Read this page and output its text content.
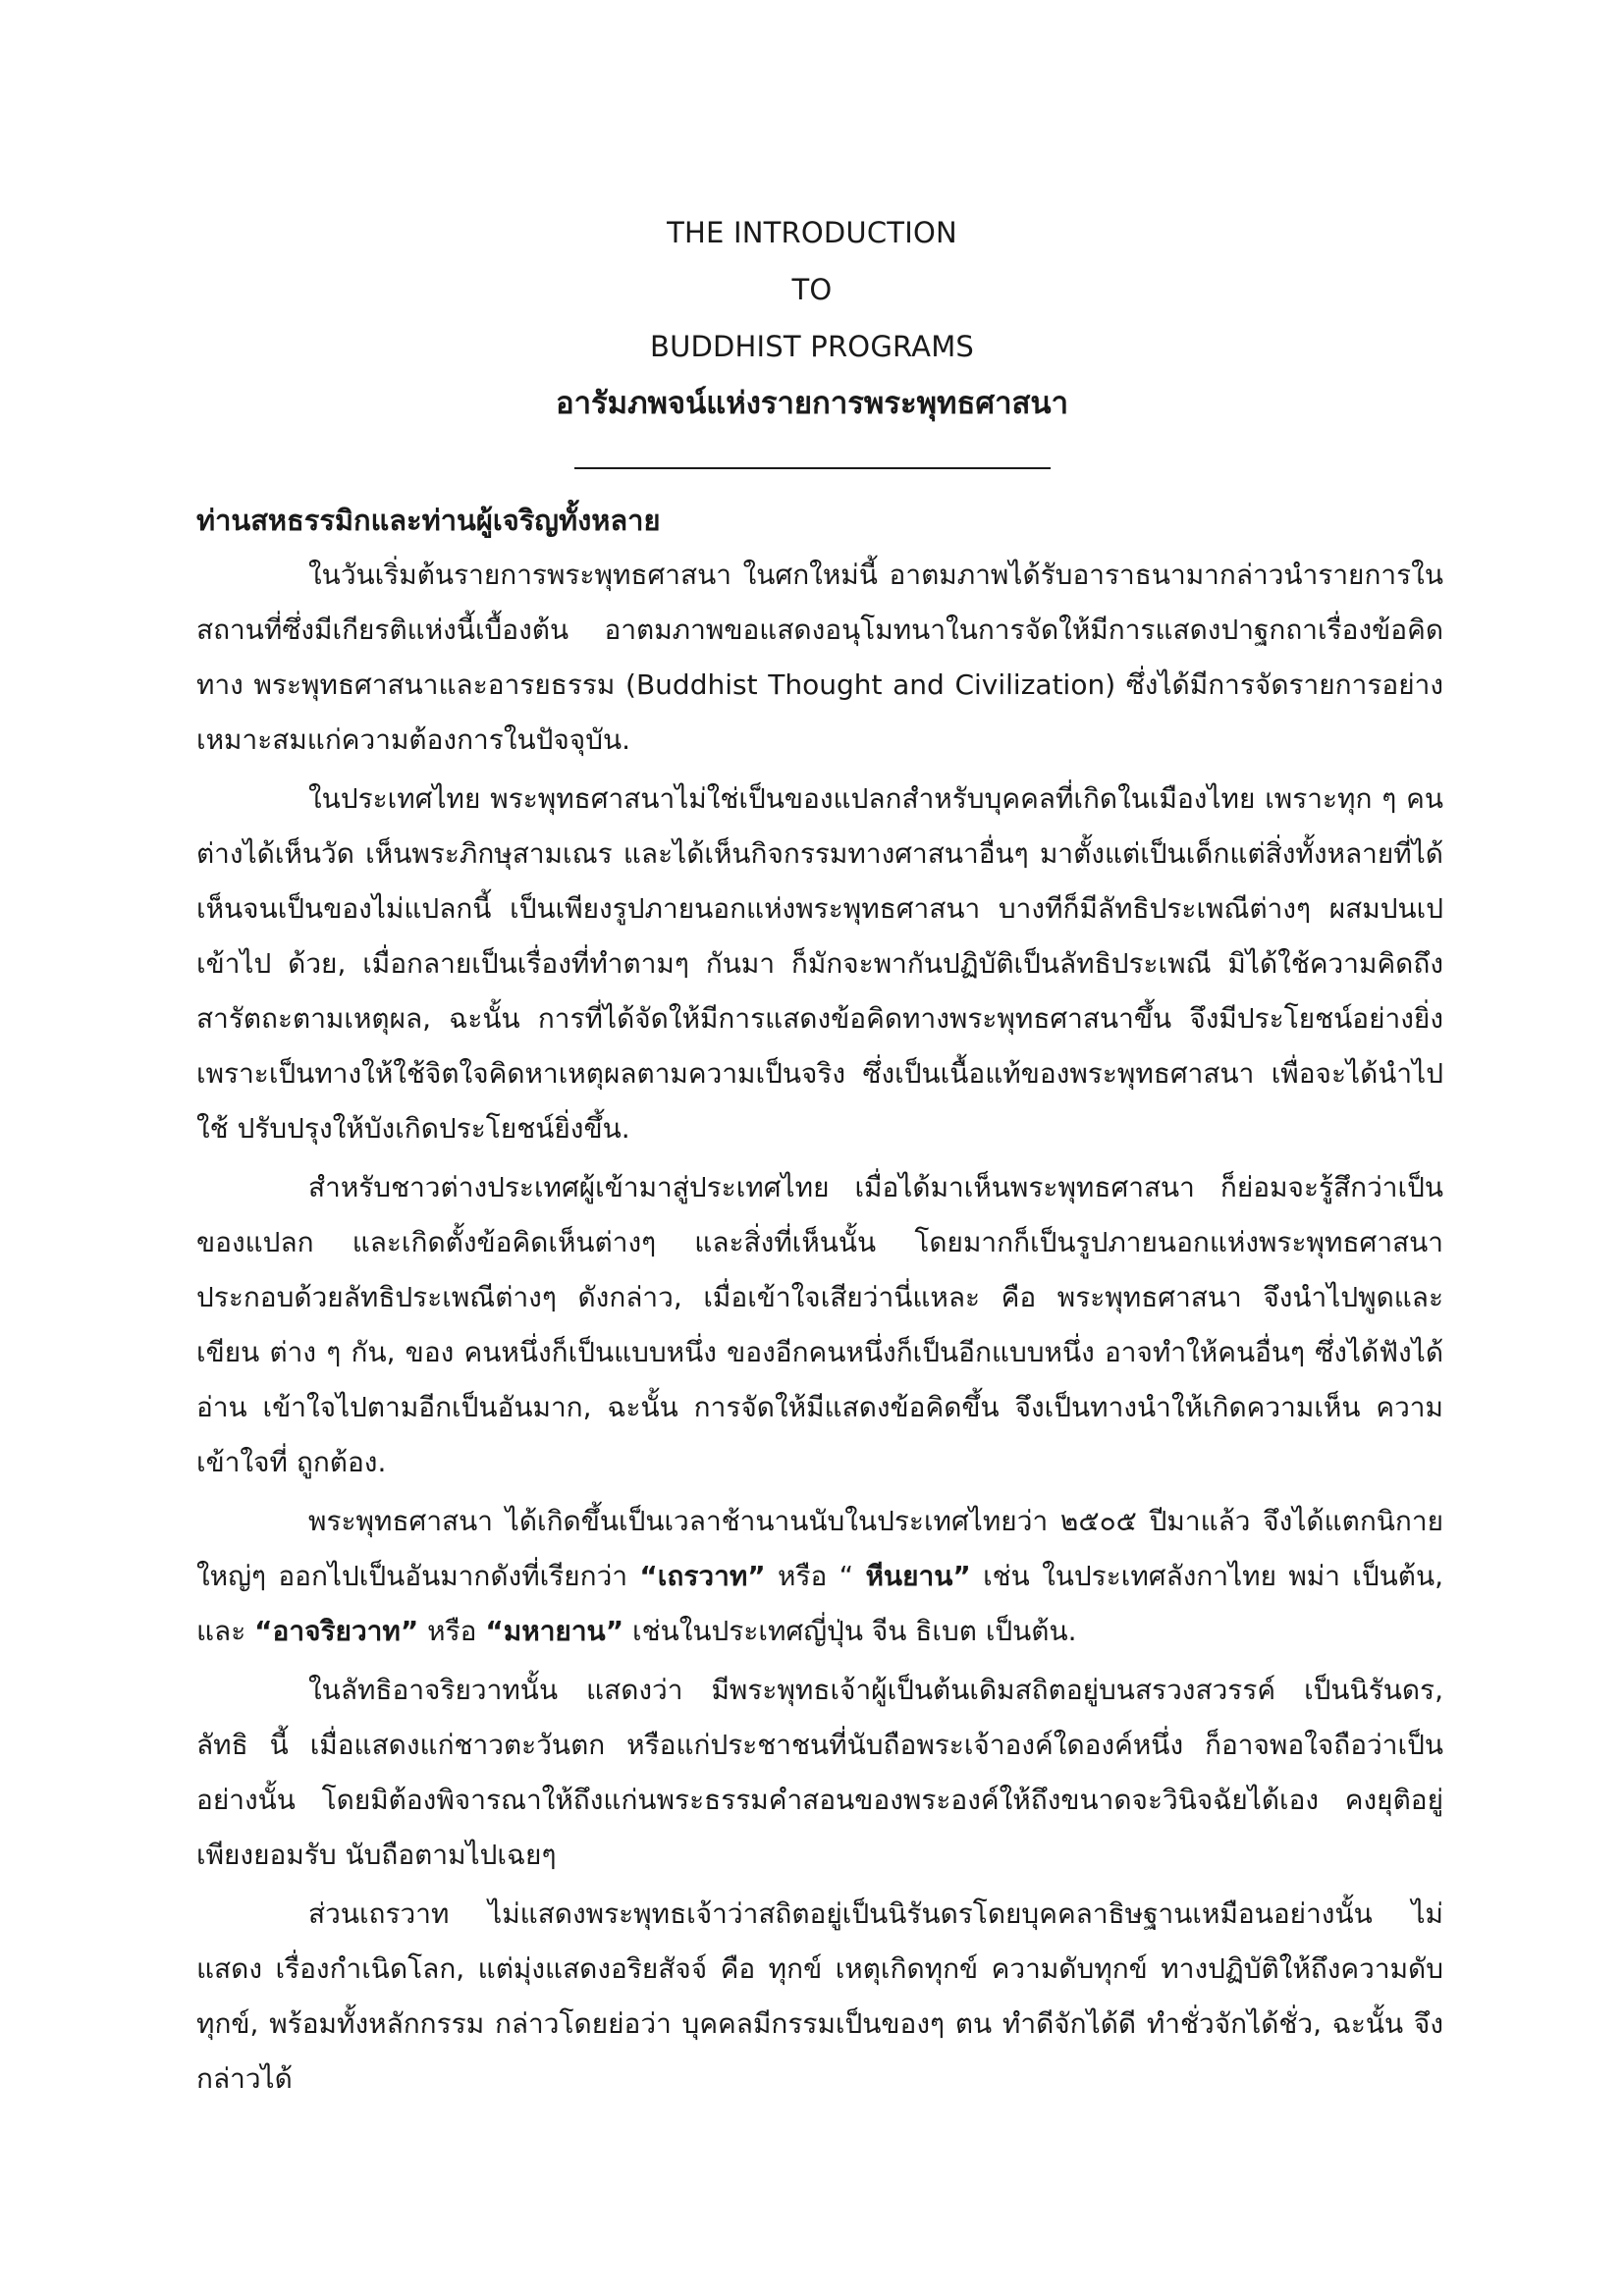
THE INTRODUCTION
TO
BUDDHIST PROGRAMS
อารัมภพจน์แห่งรายการพระพุทธศาสนา

ท่านสหธรรมิกและท่านผู้เจริญทั้งหลาย

ในวันเริ่มต้นรายการพระพุทธศาสนา ในศกใหม่นี้ อาตมภาพได้รับอาราธนามากล่าวนำรายการใน สถานที่ซึ่งมีเกียรติแห่งนี้เบื้องต้น อาตมภาพขอแสดงอนุโมทนาในการจัดให้มีการแสดงปาฐกถาเรื่องข้อคิดทาง พระพุทธศาสนาและอารยธรรม (Buddhist Thought and Civilization) ซึ่งได้มีการจัดรายการอย่าง เหมาะสมแก่ความต้องการในปัจจุบัน.

ในประเทศไทย พระพุทธศาสนาไม่ใช่เป็นของแปลกสำหรับบุคคลที่เกิดในเมืองไทย เพราะทุก ๆ คน ต่างได้เห็นวัด เห็นพระภิกษุสามเณร และได้เห็นกิจกรรมทางศาสนาอื่นๆ มาตั้งแต่เป็นเด็กแต่สิ่งทั้งหลายที่ได้ เห็นจนเป็นของไม่แปลกนี้ เป็นเพียงรูปภายนอกแห่งพระพุทธศาสนา บางทีก็มีลัทธิประเพณีต่างๆ ผสมปนเป เข้าไป ด้วย, เมื่อกลายเป็นเรื่องที่ทำตามๆ กันมา ก็มักจะพากันปฏิบัติเป็นลัทธิประเพณี มิได้ใช้ความคิดถึง สารัตถะตามเหตุผล, ฉะนั้น การที่ได้จัดให้มีการแสดงข้อคิดทางพระพุทธศาสนาขึ้น จึงมีประโยชน์อย่างยิ่ง เพราะเป็นทางให้ใช้จิตใจคิดหาเหตุผลตามความเป็นจริง ซึ่งเป็นเนื้อแท้ของพระพุทธศาสนา เพื่อจะได้นำไปใช้ ปรับปรุงให้บังเกิดประโยชน์ยิ่งขึ้น.

สำหรับชาวต่างประเทศผู้เข้ามาสู่ประเทศไทย เมื่อได้มาเห็นพระพุทธศาสนา ก็ย่อมจะรู้สึกว่าเป็น ของแปลก และเกิดตั้งข้อคิดเห็นต่างๆ และสิ่งที่เห็นนั้น โดยมากก็เป็นรูปภายนอกแห่งพระพุทธศาสนา ประกอบด้วยลัทธิประเพณีต่างๆ ดังกล่าว, เมื่อเข้าใจเสียว่านี่แหละ คือ พระพุทธศาสนา จึงนำไปพูดและเขียน ต่าง ๆ กัน, ของ คนหนึ่งก็เป็นแบบหนึ่ง ของอีกคนหนึ่งก็เป็นอีกแบบหนึ่ง อาจทำให้คนอื่นๆ ซึ่งได้ฟังได้อ่าน เข้าใจไปตามอีกเป็นอันมาก, ฉะนั้น การจัดให้มีแสดงข้อคิดขึ้น จึงเป็นทางนำให้เกิดความเห็น ความเข้าใจที่ ถูกต้อง.

พระพุทธศาสนา ได้เกิดขึ้นเป็นเวลาช้านานนับในประเทศไทยว่า ๒๕๐๕ ปีมาแล้ว จึงได้แตกนิกาย ใหญ่ๆ ออกไปเป็นอันมากดังที่เรียกว่า “เถรวาท” หรือ “ หีนยาน” เช่น ในประเทศลังกาไทย พม่า เป็นต้น, และ “อาจริยวาท” หรือ “มหายาน” เช่นในประเทศญี่ปุ่น จีน ธิเบต เป็นต้น.

ในลัทธิอาจริยวาทนั้น แสดงว่า มีพระพุทธเจ้าผู้เป็นต้นเดิมสถิตอยู่บนสรวงสวรรค์ เป็นนิรันดร, ลัทธิ นี้ เมื่อแสดงแก่ชาวตะวันตก หรือแก่ประชาชนที่นับถือพระเจ้าองค์ใดองค์หนึ่ง ก็อาจพอใจถือว่าเป็นอย่างนั้น โดยมิต้องพิจารณาให้ถึงแก่นพระธรรมคำสอนของพระองค์ให้ถึงขนาดจะวินิจฉัยได้เอง คงยุติอยู่เพียงยอมรับ นับถือตามไปเฉยๆ

ส่วนเถรวาท ไม่แสดงพระพุทธเจ้าว่าสถิตอยู่เป็นนิรันดรโดยบุคคลาธิษฐานเหมือนอย่างนั้น ไม่แสดง เรื่องกำเนิดโลก, แต่มุ่งแสดงอริยสัจจ์ คือ ทุกข์ เหตุเกิดทุกข์ ความดับทุกข์ ทางปฏิบัติให้ถึงความดับทุกข์, พร้อมทั้งหลักกรรม กล่าวโดยย่อว่า บุคคลมีกรรมเป็นของๆ ตน ทำดีจักได้ดี ทำชั่วจักได้ชั่ว, ฉะนั้น จึงกล่าวได้
